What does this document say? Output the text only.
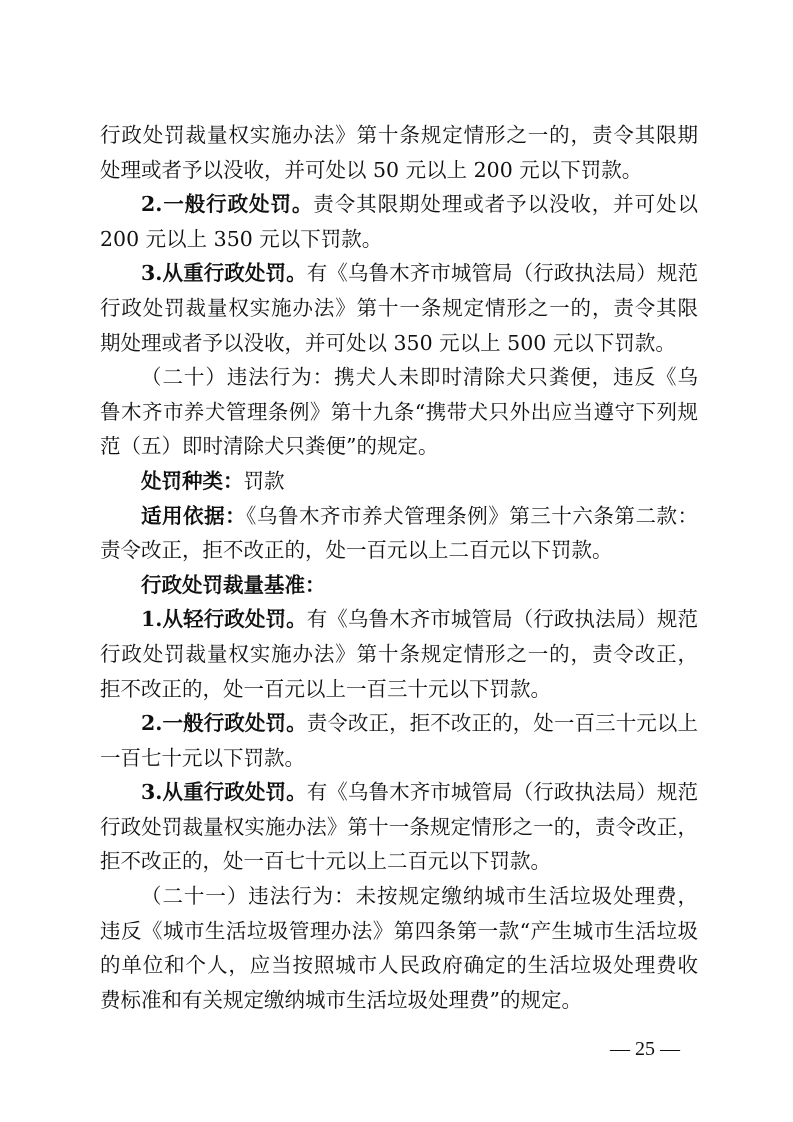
行政处罚裁量权实施办法》第十条规定情形之一的，责令其限期
处理或者予以没收，并可处以 50 元以上 200 元以下罚款。
2.一般行政处罚。责令其限期处理或者予以没收，并可处以
200 元以上 350 元以下罚款。
3.从重行政处罚。有《乌鲁木齐市城管局（行政执法局）规范
行政处罚裁量权实施办法》第十一条规定情形之一的，责令其限
期处理或者予以没收，并可处以 350 元以上 500 元以下罚款。
（二十）违法行为：携犬人未即时清除犬只粪便，违反《乌
鲁木齐市养犬管理条例》第十九条“携带犬只外出应当遵守下列规
范（五）即时清除犬只粪便”的规定。
处罚种类：罚款
适用依据：《乌鲁木齐市养犬管理条例》第三十六条第二款：
责令改正，拒不改正的，处一百元以上二百元以下罚款。
行政处罚裁量基准：
1.从轻行政处罚。有《乌鲁木齐市城管局（行政执法局）规范
行政处罚裁量权实施办法》第十条规定情形之一的，责令改正，
拒不改正的，处一百元以上一百三十元以下罚款。
2.一般行政处罚。责令改正，拒不改正的，处一百三十元以上
一百七十元以下罚款。
3.从重行政处罚。有《乌鲁木齐市城管局（行政执法局）规范
行政处罚裁量权实施办法》第十一条规定情形之一的，责令改正，
拒不改正的，处一百七十元以上二百元以下罚款。
（二十一）违法行为：未按规定缴纳城市生活垃圾处理费，
违反《城市生活垃圾管理办法》第四条第一款“产生城市生活垃圾
的单位和个人，应当按照城市人民政府确定的生活垃圾处理费收
费标准和有关规定缴纳城市生活垃圾处理费”的规定。
— 25 —
